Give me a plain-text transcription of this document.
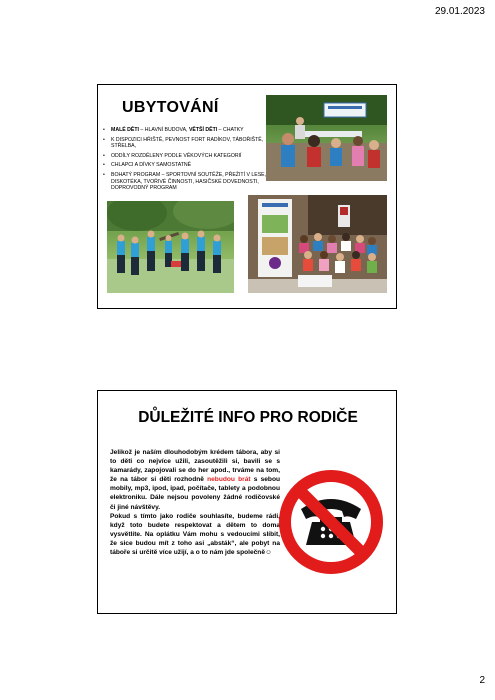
29.01.2023
UBYTOVÁNÍ
• MALÉ DĚTI – HLAVNÍ BUDOVA, VĚTŠÍ DĚTI – CHATKY
• K DISPOZICI HŘIŠTĚ, PEVNOST FORT RADÍKOV, TÁBOŘIŠTĚ, STŘELBA,
• ODDÍLY ROZDĚLENY PODLE VĚKOVÝCH KATEGORIÍ
• CHLAPCI A DÍVKY SAMOSTATNĚ
• BOHATÝ PROGRAM – SPORTOVNÍ SOUTĚŽE, PŘEŽITÍ V LESE, DISKOTÉKA, TVOŘIVÉ ČINNOSTI, HASIČSKÉ DOVEDNOSTI, DOPROVODNÝ PROGRAM
DŮLEŽITÉ INFO PRO RODIČE
Jelikož je naším dlouhodobým krédem tábora, aby si to děti co nejvíce užili, zasoutěžili si, bavili se s kamarády, zapojovali se do her apod., trváme na tom, že na tábor si děti rozhodně nebudou brát s sebou mobily, mp3, ipod, ipad, počítače, tablety a podobnou elektroniku. Dále nejsou povoleny žádné rodičovské či jiné návštěvy.
Pokud s tímto jako rodiče souhlasíte, budeme rádi, když toto budete respektovat a dětem to doma vysvětlíte. Na oplátku Vám mohu s vedoucími slíbit, že sice budou mít z toho asi „absták“, ale pobyt na táboře si určitě více užijí, a o to nám jde společně☺
2
